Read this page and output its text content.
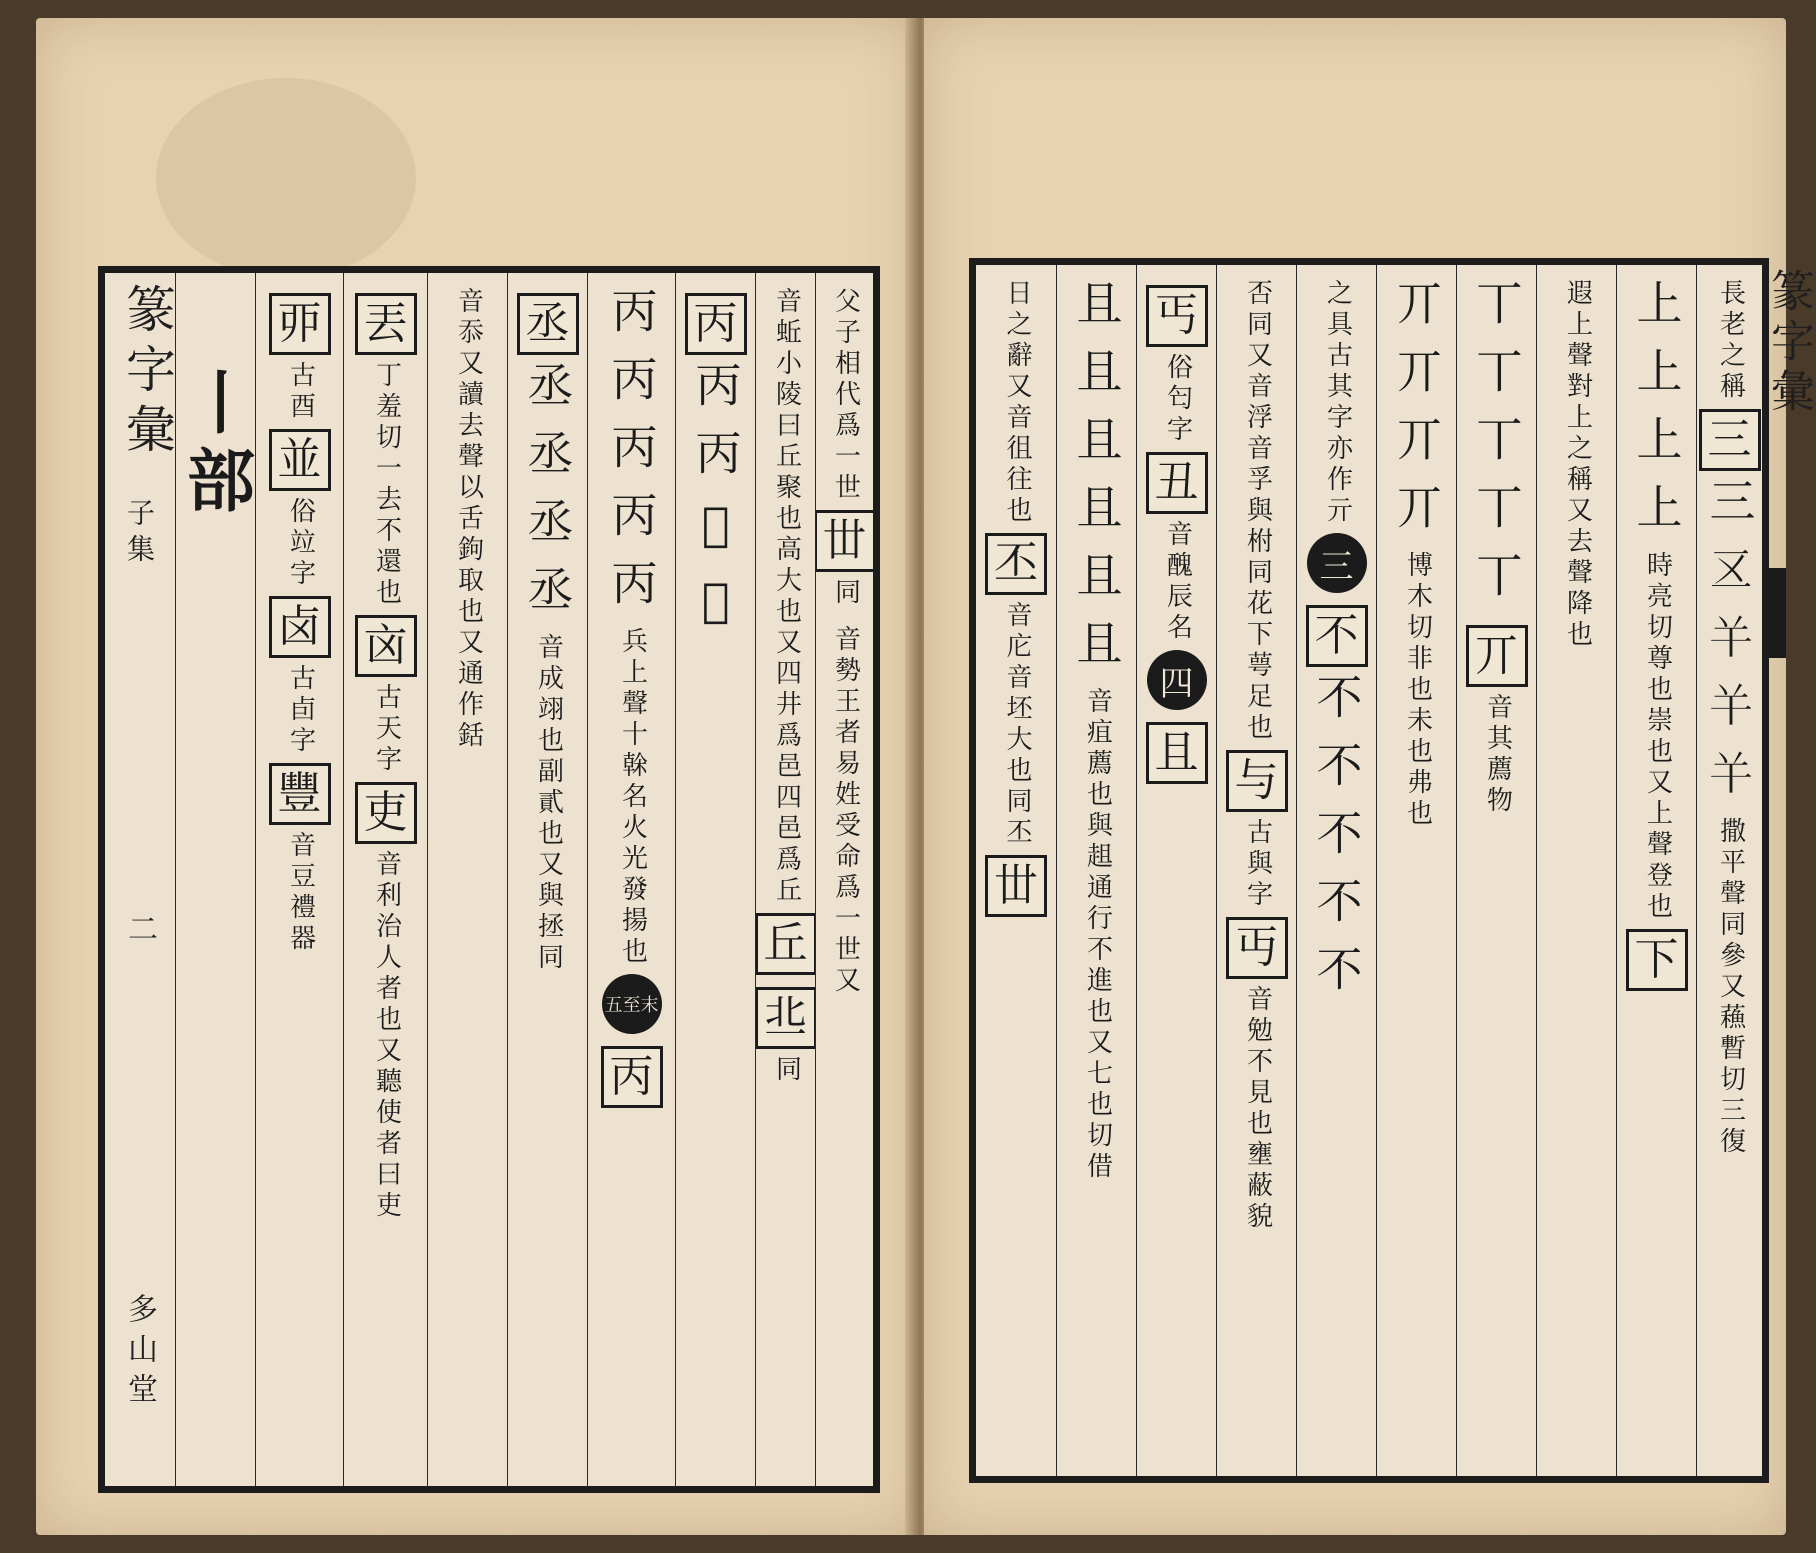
篆字彙
子集
二
多山堂
丨部
丣
古酉
並
俗竝字
卤
古卣字
豐
音豆禮器
丟
丁羞切一去不還也
㐫
古天字
吏
音利治人者也又聽使者曰吏
音忝又讀去聲以舌鉤取也又通作銛 丞
丞丞丞丞
音成翊也副貳也又與拯同
丙丙丙丙丙
兵上聲十榦名火光發揚也
五至末
丙
丙
丙丙𠆳𠆳 音蚯小陵曰丘聚也高大也又四井爲邑四邑爲丘
丘
丠
同
父子相代爲一世
丗
同
音勢王者易姓受命爲一世又
日之辭又音徂往也
丕
音庀音坯大也同丕
丗
且且且且且且
音疽薦也與趄通行不進也又七也切借
丐
俗匄字
丑
音醜辰名
四
且
否同又音浮音孚與柎同花下萼足也
与
古與字
丏
音勉不見也壅蔽貌
之具古其字亦作亓
三
不
不不不不不
丌丌丌丌
博木切非也未也弗也
丅丅丅丅丅
丌
音其薦物
遐上聲對上之稱又去聲降也 上上上上
時亮切尊也崇也又上聲登也
下
長老之稱
三
三𠄡𢆉𢆉𢆉
撒平聲同參又蘓暫切三復
篆字彙
